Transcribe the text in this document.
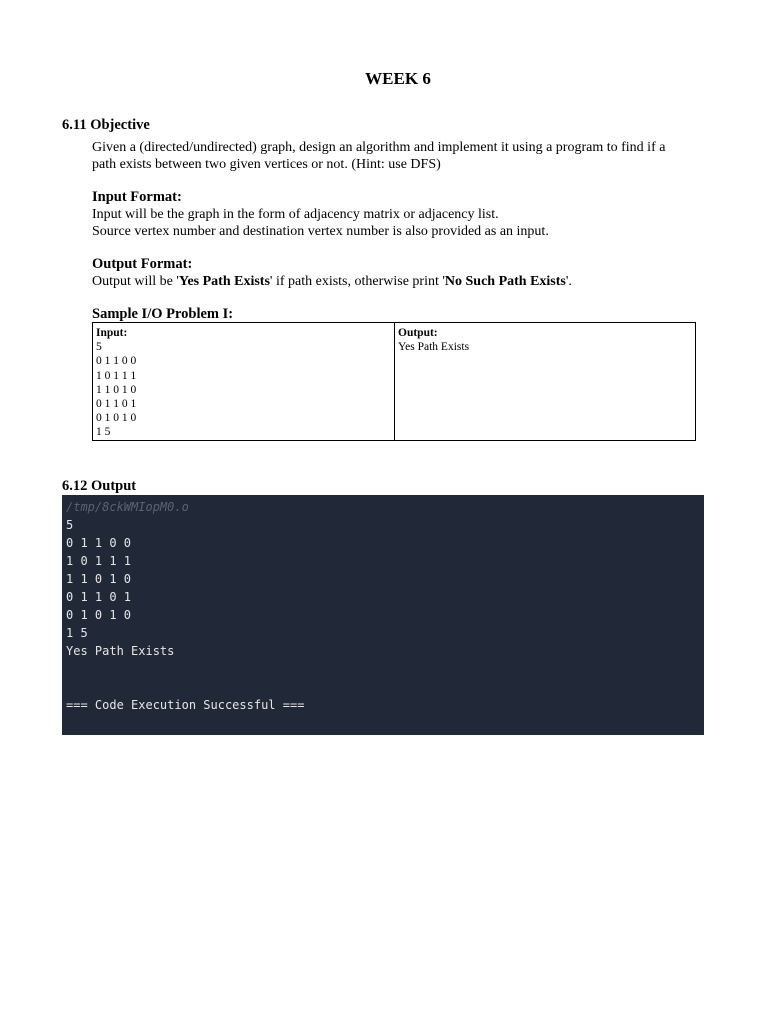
WEEK 6
6.11 Objective
Given a (directed/undirected) graph, design an algorithm and implement it using a program to find if a path exists between two given vertices or not. (Hint: use DFS)
Input Format:
Input will be the graph in the form of adjacency matrix or adjacency list.
Source vertex number and destination vertex number is also provided as an input.
Output Format:
Output will be 'Yes Path Exists' if path exists, otherwise print 'No Such Path Exists'.
Sample I/O Problem I:
Input:
5
0 1 1 0 0
1 0 1 1 1
1 1 0 1 0
0 1 1 0 1
0 1 0 1 0
1 5
Output:
Yes Path Exists
6.12 Output
/tmp/8ckWMIopM0.o
5
0 1 1 0 0
1 0 1 1 1
1 1 0 1 0
0 1 1 0 1
0 1 0 1 0
1 5
Yes Path Exists
=== Code Execution Successful ===
